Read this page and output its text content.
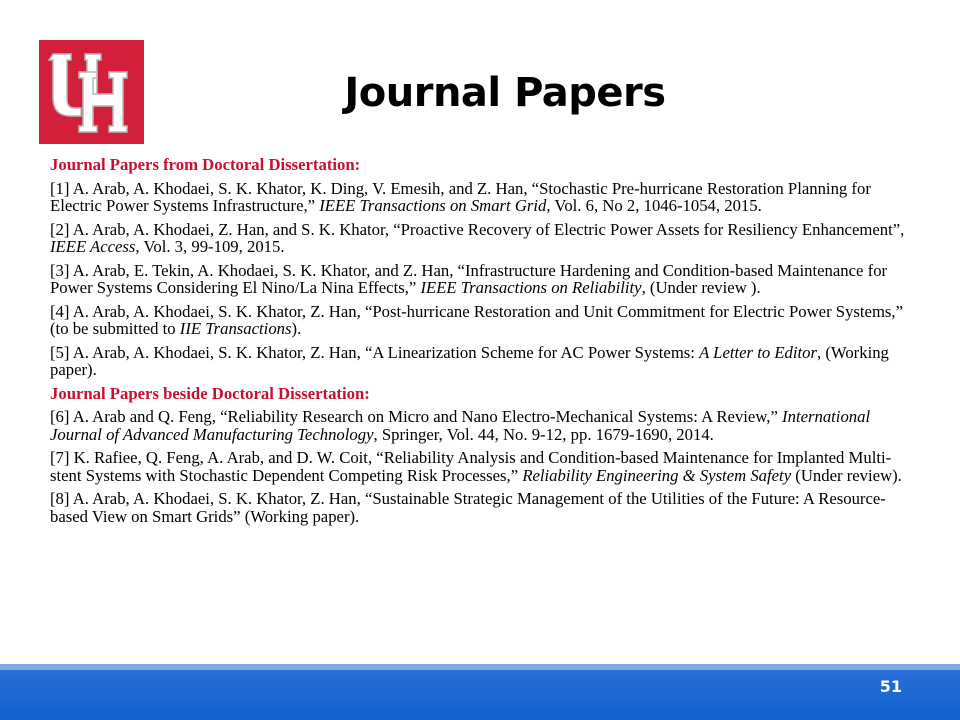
Journal Papers
Journal Papers from Doctoral Dissertation:
[1] A. Arab, A. Khodaei, S. K. Khator, K. Ding, V. Emesih, and Z. Han, “Stochastic Pre-hurricane Restoration Planning for Electric Power Systems Infrastructure,” IEEE Transactions on Smart Grid, Vol. 6, No 2, 1046-1054, 2015.
[2] A. Arab, A. Khodaei, Z. Han, and S. K. Khator, “Proactive Recovery of Electric Power Assets for Resiliency Enhancement”, IEEE Access, Vol. 3, 99-109, 2015.
[3] A. Arab, E. Tekin, A. Khodaei, S. K. Khator, and Z. Han, “Infrastructure Hardening and Condition-based Maintenance for Power Systems Considering El Nino/La Nina Effects,” IEEE Transactions on Reliability, (Under review ).
[4] A. Arab, A. Khodaei, S. K. Khator, Z. Han, “Post-hurricane Restoration and Unit Commitment for Electric Power Systems,” (to be submitted to IIE Transactions).
[5] A. Arab, A. Khodaei, S. K. Khator, Z. Han, “A Linearization Scheme for AC Power Systems: A Letter to Editor, (Working paper).
Journal Papers beside Doctoral Dissertation:
[6] A. Arab and Q. Feng, “Reliability Research on Micro and Nano Electro-Mechanical Systems: A Review,” International Journal of Advanced Manufacturing Technology, Springer, Vol. 44, No. 9-12, pp. 1679-1690, 2014.
[7] K. Rafiee, Q. Feng, A. Arab, and D. W. Coit, “Reliability Analysis and Condition-based Maintenance for Implanted Multi-stent Systems with Stochastic Dependent Competing Risk Processes,” Reliability Engineering & System Safety (Under review).
[8] A. Arab, A. Khodaei, S. K. Khator, Z. Han, “Sustainable Strategic Management of the Utilities of the Future: A Resource-based View on Smart Grids” (Working paper).
51
